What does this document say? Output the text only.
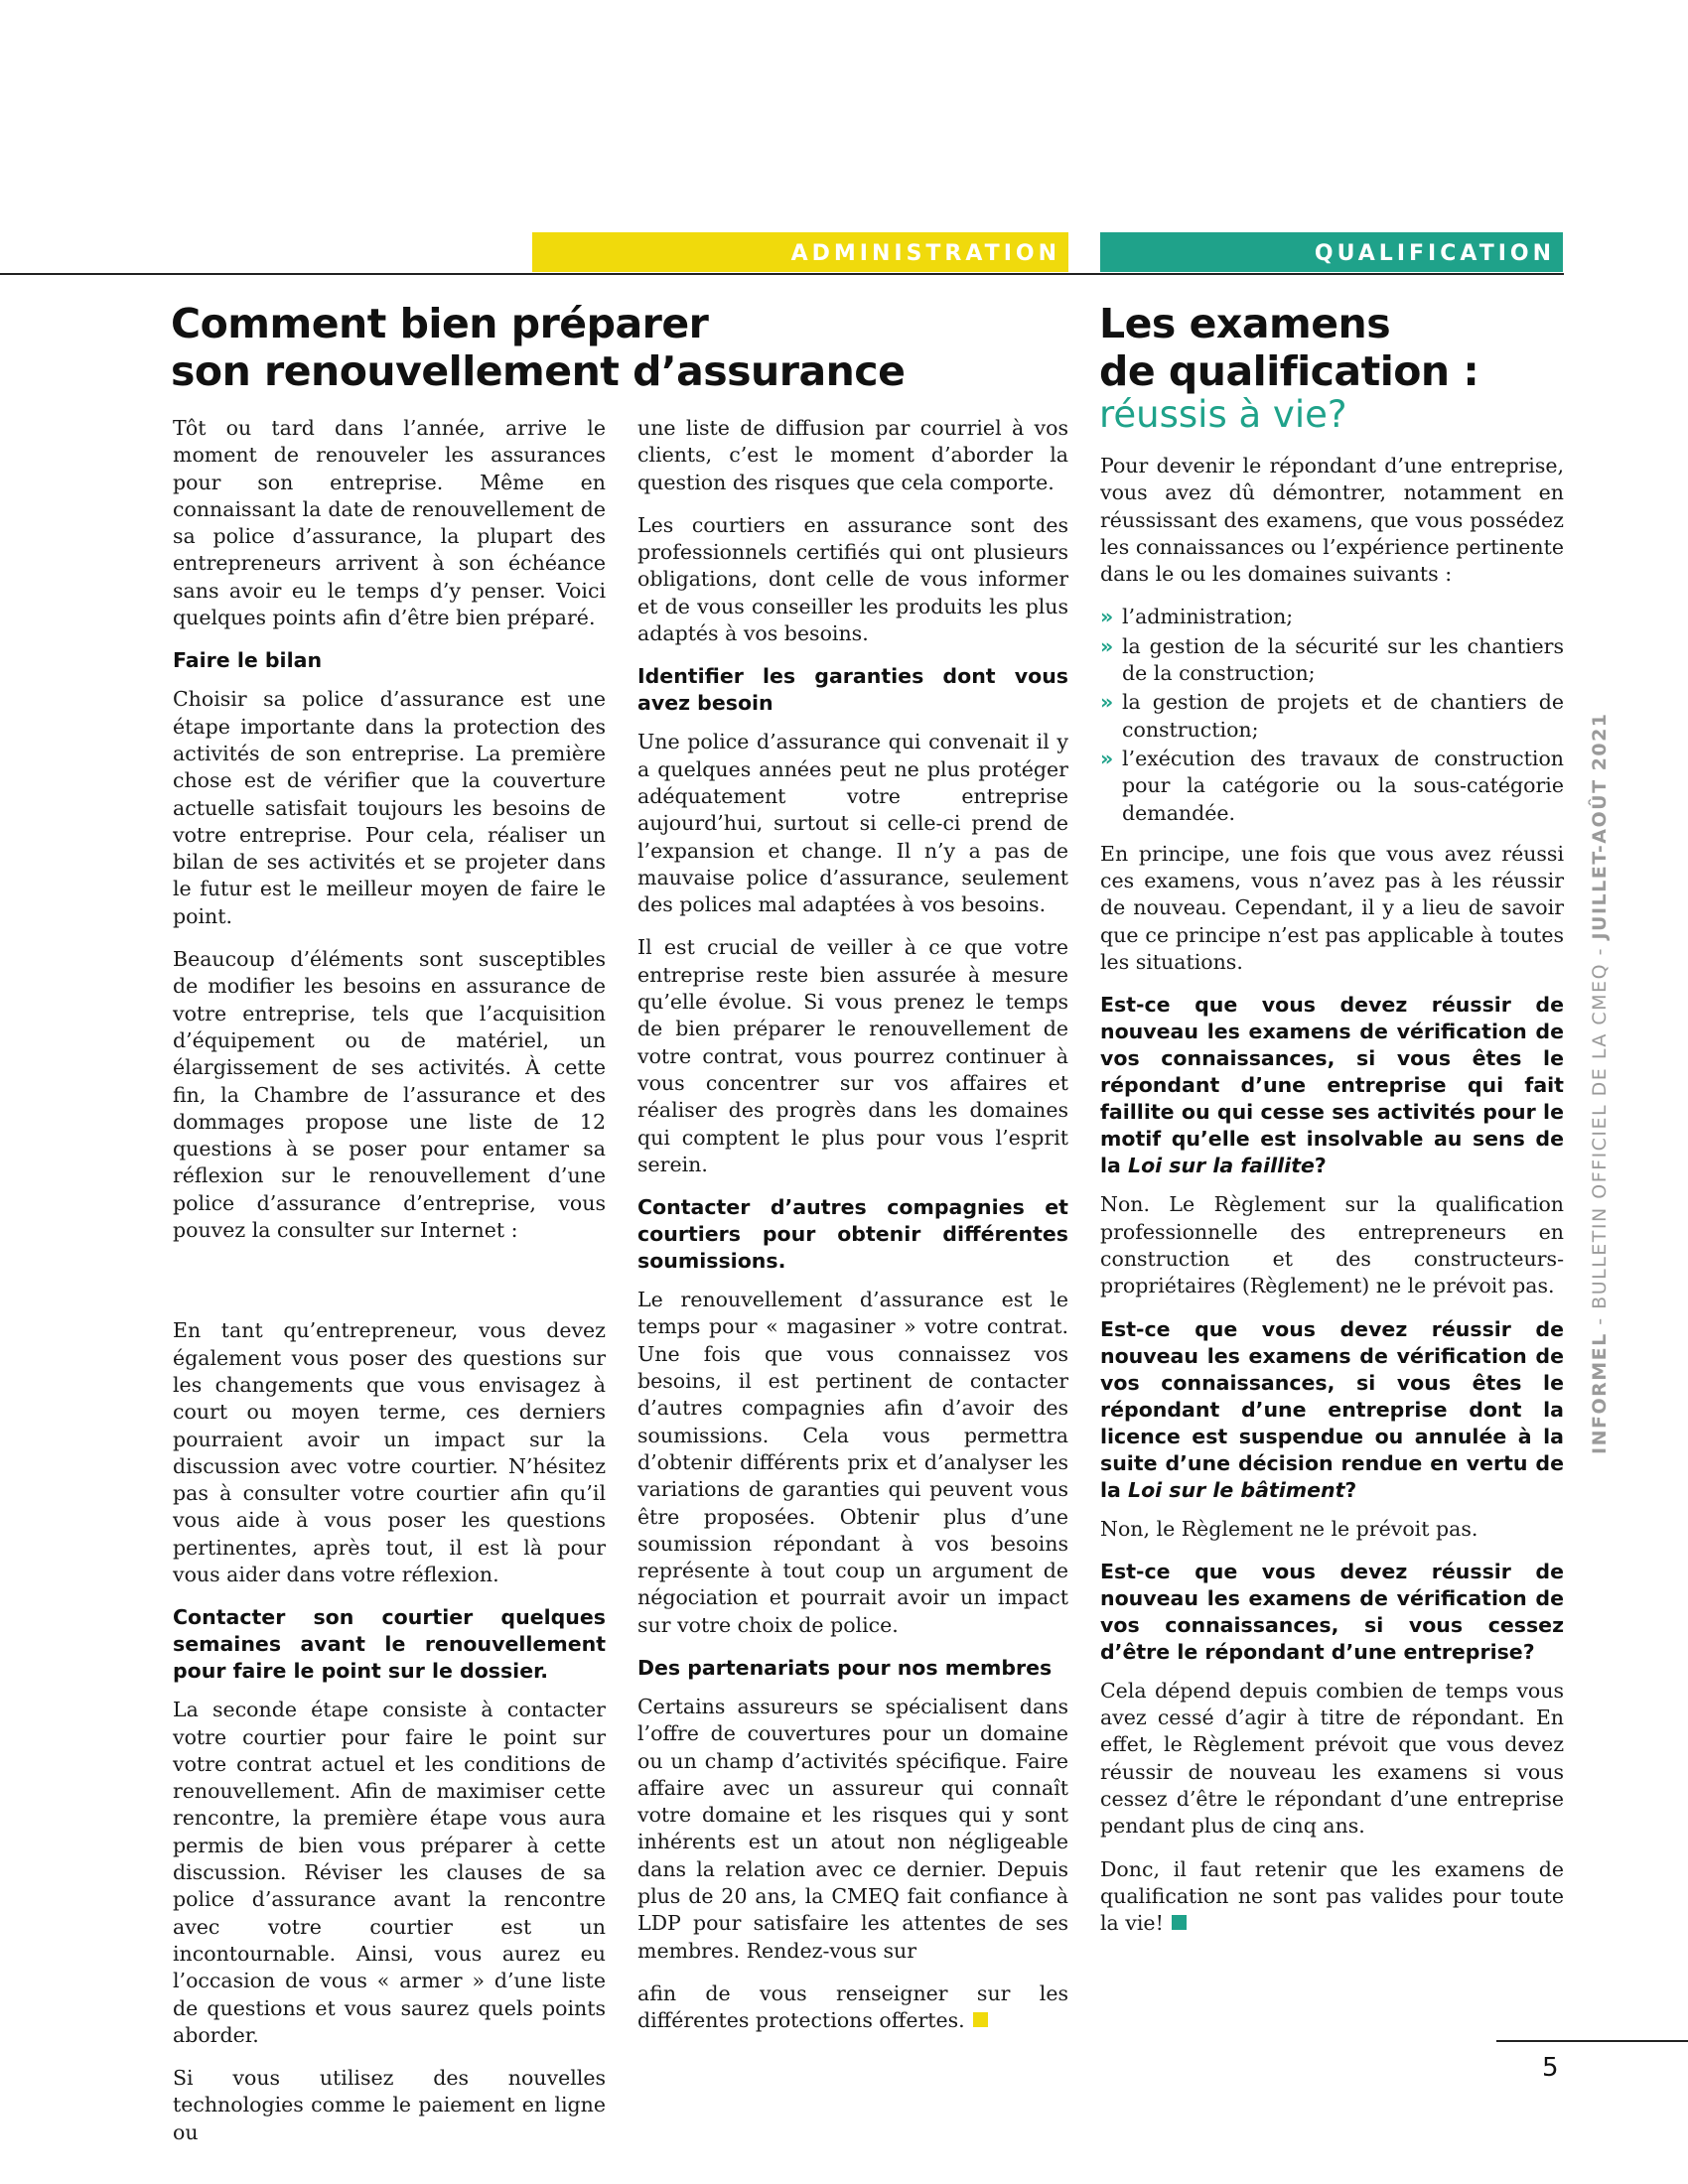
ADMINISTRATION	QUALIFICATION
Comment bien préparer
son renouvellement d’assurance
Les examens
de qualification :
réussis à vie?

Tôt ou tard dans l’année, arrive le moment de renouveler les assurances pour son entreprise. Même en connaissant la date de renouvellement de sa police d’assurance, la plupart des entrepreneurs arrivent à son échéance sans avoir eu le temps d’y penser. Voici quelques points afin d’être bien préparé.

Faire le bilan

Choisir sa police d’assurance est une étape importante dans la protection des activités de son entreprise. La première chose est de vérifier que la couverture actuelle satisfait toujours les besoins de votre entreprise. Pour cela, réaliser un bilan de ses activités et se projeter dans le futur est le meilleur moyen de faire le point.

Beaucoup d’éléments sont susceptibles de modifier les besoins en assurance de votre entreprise, tels que l’acquisition d’équipement ou de matériel, un élargissement de ses activités. À cette fin, la Chambre de l’assurance et des dommages propose une liste de 12 questions à se poser pour entamer sa réflexion sur le renouvellement d’une police d’assurance d’entreprise, vous pouvez la consulter sur Internet :

En tant qu’entrepreneur, vous devez également vous poser des questions sur les changements que vous envisagez à court ou moyen terme, ces derniers pourraient avoir un impact sur la discussion avec votre courtier. N’hésitez pas à consulter votre courtier afin qu’il vous aide à vous poser les questions pertinentes, après tout, il est là pour vous aider dans votre réflexion.

Contacter son courtier quelques semaines avant le renouvellement pour faire le point sur le dossier.

La seconde étape consiste à contacter votre courtier pour faire le point sur votre contrat actuel et les conditions de renouvellement. Afin de maximiser cette rencontre, la première étape vous aura permis de bien vous préparer à cette discussion. Réviser les clauses de sa police d’assurance avant la rencontre avec votre courtier est un incontournable. Ainsi, vous aurez eu l’occasion de vous « armer » d’une liste de questions et vous saurez quels points aborder.

Si vous utilisez des nouvelles technologies comme le paiement en ligne ou

une liste de diffusion par courriel à vos clients, c’est le moment d’aborder la question des risques que cela comporte.

Les courtiers en assurance sont des professionnels certifiés qui ont plusieurs obligations, dont celle de vous informer et de vous conseiller les produits les plus adaptés à vos besoins.

Identifier les garanties dont vous avez besoin

Une police d’assurance qui convenait il y a quelques années peut ne plus protéger adéquatement votre entreprise aujourd’hui, surtout si celle-ci prend de l’expansion et change. Il n’y a pas de mauvaise police d’assurance, seulement des polices mal adaptées à vos besoins.

Il est crucial de veiller à ce que votre entreprise reste bien assurée à mesure qu’elle évolue. Si vous prenez le temps de bien préparer le renouvellement de votre contrat, vous pourrez continuer à vous concentrer sur vos affaires et réaliser des progrès dans les domaines qui comptent le plus pour vous l’esprit serein.

Contacter d’autres compagnies et courtiers pour obtenir différentes soumissions.

Le renouvellement d’assurance est le temps pour « magasiner » votre contrat. Une fois que vous connaissez vos besoins, il est pertinent de contacter d’autres compagnies afin d’avoir des soumissions. Cela vous permettra d’obtenir différents prix et d’analyser les variations de garanties qui peuvent vous être proposées. Obtenir plus d’une soumission répondant à vos besoins représente à tout coup un argument de négociation et pourrait avoir un impact sur votre choix de police.

Des partenariats pour nos membres

Certains assureurs se spécialisent dans l’offre de couvertures pour un domaine ou un champ d’activités spécifique. Faire affaire avec un assureur qui connaît votre domaine et les risques qui y sont inhérents est un atout non négligeable dans la relation avec ce dernier. Depuis plus de 20 ans, la CMEQ fait confiance à LDP pour satisfaire les attentes de ses membres. Rendez-vous sur

afin de vous renseigner sur les différentes protections offertes.

Pour devenir le répondant d’une entreprise, vous avez dû démontrer, notamment en réussissant des examens, que vous possédez les connaissances ou l’expérience pertinente dans le ou les domaines suivants :

» l’administration;
» la gestion de la sécurité sur les chantiers de la construction;
» la gestion de projets et de chantiers de construction;
» l’exécution des travaux de construction pour la catégorie ou la sous-catégorie demandée.

En principe, une fois que vous avez réussi ces examens, vous n’avez pas à les réussir de nouveau. Cependant, il y a lieu de savoir que ce principe n’est pas applicable à toutes les situations.

Est-ce que vous devez réussir de nouveau les examens de vérification de vos connaissances, si vous êtes le répondant d’une entreprise qui fait faillite ou qui cesse ses activités pour le motif qu’elle est insolvable au sens de la Loi sur la faillite?

Non. Le Règlement sur la qualification professionnelle des entrepreneurs en construction et des constructeurs-propriétaires (Règlement) ne le prévoit pas.

Est-ce que vous devez réussir de nouveau les examens de vérification de vos connaissances, si vous êtes le répondant d’une entreprise dont la licence est suspendue ou annulée à la suite d’une décision rendue en vertu de la Loi sur le bâtiment?

Non, le Règlement ne le prévoit pas.

Est-ce que vous devez réussir de nouveau les examens de vérification de vos connaissances, si vous cessez d’être le répondant d’une entreprise?

Cela dépend depuis combien de temps vous avez cessé d’agir à titre de répondant. En effet, le Règlement prévoit que vous devez réussir de nouveau les examens si vous cessez d’être le répondant d’une entreprise pendant plus de cinq ans.

Donc, il faut retenir que les examens de qualification ne sont pas valides pour toute la vie!

INFORMEL - BULLETIN OFFICIEL DE LA CMEQ - JUILLET-AOÛT 2021
5
